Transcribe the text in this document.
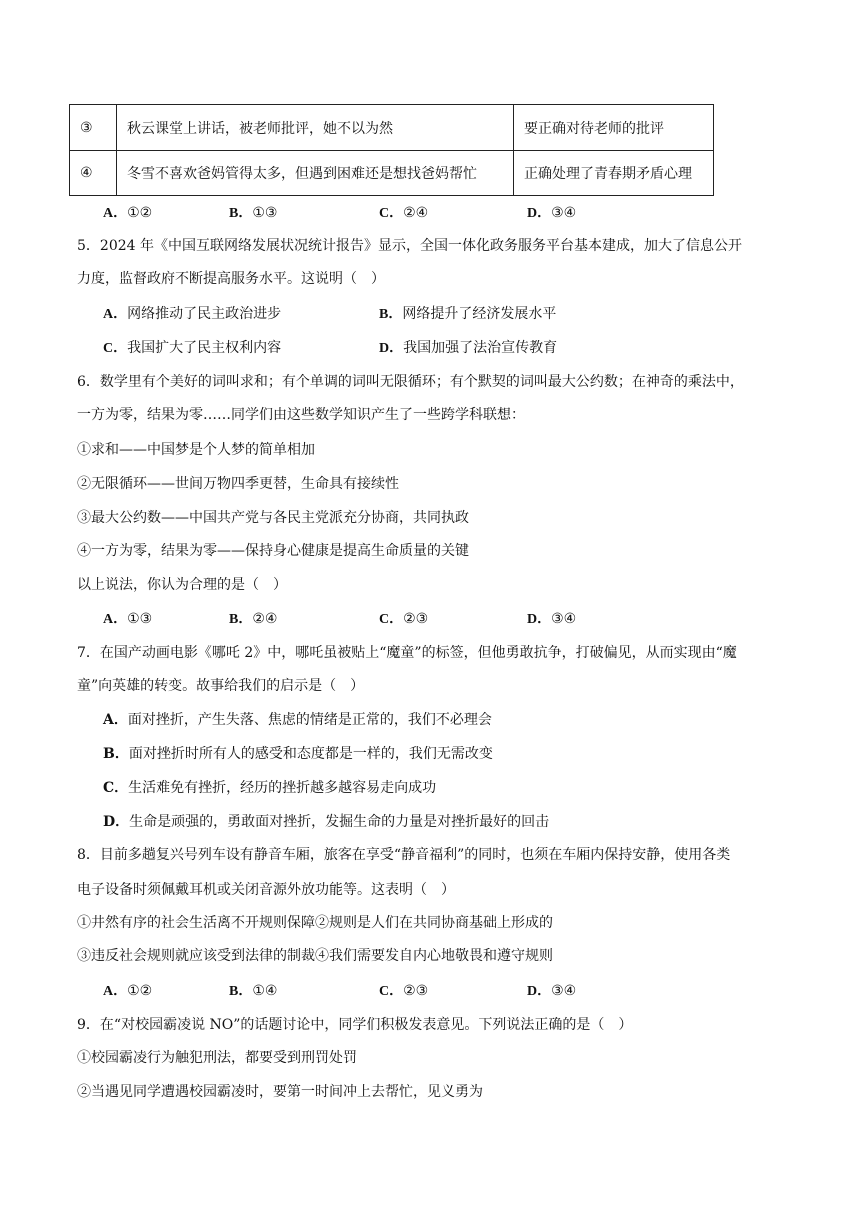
③	秋云课堂上讲话，被老师批评，她不以为然	要正确对待老师的批评
④	冬雪不喜欢爸妈管得太多，但遇到困难还是想找爸妈帮忙	正确处理了青春期矛盾心理
A．①②	B．①③	C．②④	D．③④
5．2024 年《中国互联网络发展状况统计报告》显示，全国一体化政务服务平台基本建成，加大了信息公开
力度，监督政府不断提高服务水平。这说明（　）
A．网络推动了民主政治进步	B．网络提升了经济发展水平
C．我国扩大了民主权利内容	D．我国加强了法治宣传教育
6．数学里有个美好的词叫求和；有个单调的词叫无限循环；有个默契的词叫最大公约数；在神奇的乘法中，
一方为零，结果为零……同学们由这些数学知识产生了一些跨学科联想：
①求和——中国梦是个人梦的简单相加
②无限循环——世间万物四季更替，生命具有接续性
③最大公约数——中国共产党与各民主党派充分协商，共同执政
④一方为零，结果为零——保持身心健康是提高生命质量的关键
以上说法，你认为合理的是（　）
A．①③	B．②④	C．②③	D．③④
7．在国产动画电影《哪吒 2》中，哪吒虽被贴上“魔童”的标签，但他勇敢抗争，打破偏见，从而实现由“魔
童”向英雄的转变。故事给我们的启示是（　）
A．面对挫折，产生失落、焦虑的情绪是正常的，我们不必理会
B．面对挫折时所有人的感受和态度都是一样的，我们无需改变
C．生活难免有挫折，经历的挫折越多越容易走向成功
D．生命是顽强的，勇敢面对挫折，发掘生命的力量是对挫折最好的回击
8．目前多趟复兴号列车设有静音车厢，旅客在享受“静音福利”的同时，也须在车厢内保持安静，使用各类
电子设备时须佩戴耳机或关闭音源外放功能等。这表明（　）
①井然有序的社会生活离不开规则保障②规则是人们在共同协商基础上形成的
③违反社会规则就应该受到法律的制裁④我们需要发自内心地敬畏和遵守规则
A．①②	B．①④	C．②③	D．③④
9．在“对校园霸凌说 NO”的话题讨论中，同学们积极发表意见。下列说法正确的是（　）
①校园霸凌行为触犯刑法，都要受到刑罚处罚
②当遇见同学遭遇校园霸凌时，要第一时间冲上去帮忙，见义勇为
